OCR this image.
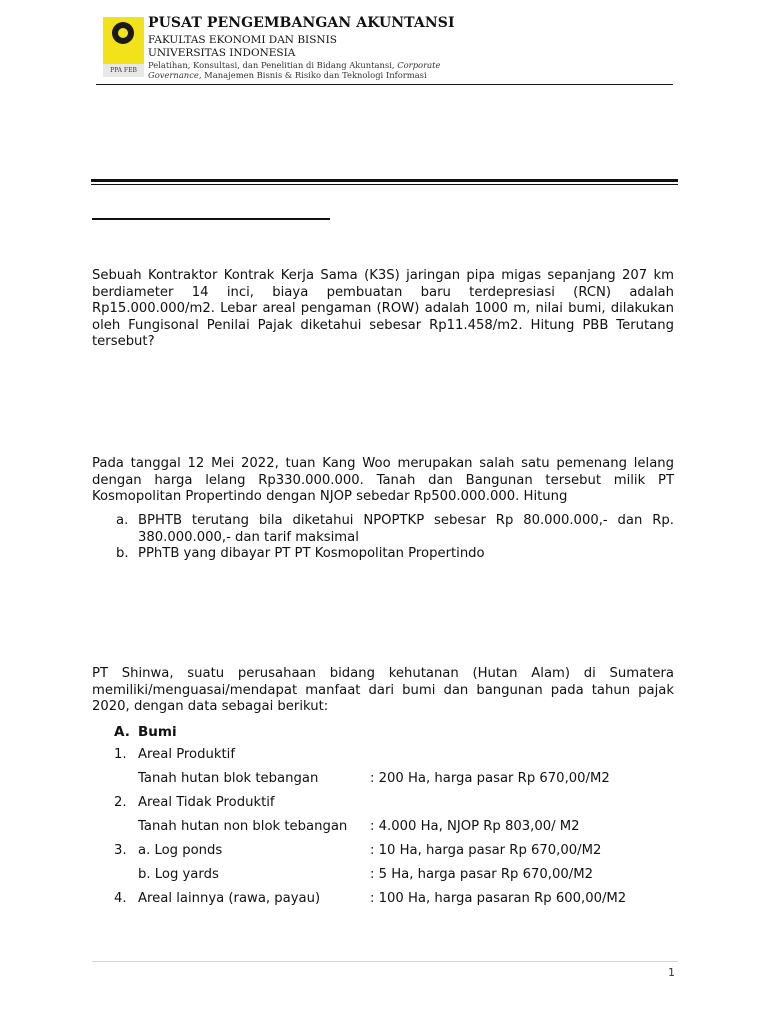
PPA FEB

PUSAT PENGEMBANGAN AKUNTANSI

FAKULTAS EKONOMI DAN BISNIS

UNIVERSITAS INDONESIA

Pelatihan, Konsultasi, dan Penelitian di Bidang Akuntansi, Corporate

Governance, Manajemen Bisnis & Risiko dan Teknologi Informasi

Sebuah Kontraktor Kontrak Kerja Sama (K3S) jaringan pipa migas sepanjang 207 km berdiameter 14 inci, biaya pembuatan baru terdepresiasi (RCN) adalah Rp15.000.000/m2. Lebar areal pengaman (ROW) adalah 1000 m, nilai bumi, dilakukan oleh Fungisonal Penilai Pajak diketahui sebesar Rp11.458/m2. Hitung PBB Terutang tersebut?

Pada tanggal 12 Mei 2022, tuan Kang Woo merupakan salah satu pemenang lelang dengan harga lelang Rp330.000.000. Tanah dan Bangunan tersebut milik PT Kosmopolitan Propertindo dengan NJOP sebedar Rp500.000.000. Hitung

a. BPHTB terutang bila diketahui NPOPTKP sebesar Rp 80.000.000,- dan Rp. 380.000.000,- dan tarif maksimal
b. PPhTB yang dibayar PT PT Kosmopolitan Propertindo

PT Shinwa, suatu perusahaan bidang kehutanan (Hutan Alam) di Sumatera memiliki/menguasai/mendapat manfaat dari bumi dan bangunan pada tahun pajak 2020, dengan data sebagai berikut:

A. Bumi
1. Areal Produktif
Tanah hutan blok tebangan	: 200 Ha, harga pasar Rp 670,00/M2
2. Areal Tidak Produktif
Tanah hutan non blok tebangan : 4.000 Ha, NJOP Rp 803,00/ M2
3. a. Log ponds	: 10 Ha, harga pasar Rp 670,00/M2
b. Log yards	: 5 Ha, harga pasar Rp 670,00/M2
4. Areal lainnya (rawa, payau)	: 100 Ha, harga pasaran Rp 600,00/M2
1
